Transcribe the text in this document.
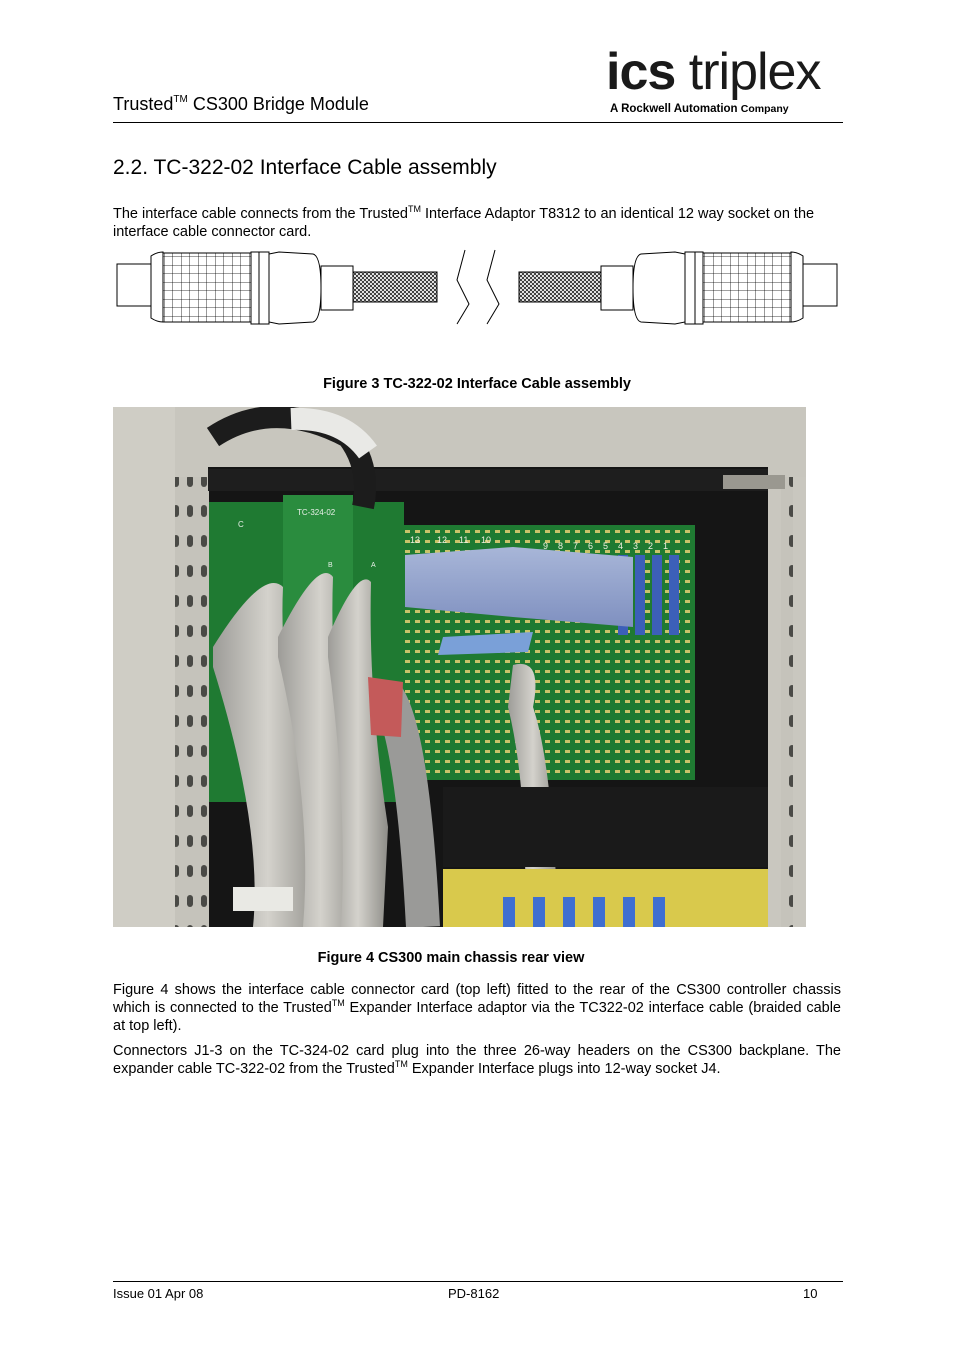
Trusted™ CS300 Bridge Module
ics triplex
A Rockwell Automation Company
2.2. TC-322-02 Interface Cable assembly
The interface cable connects from the Trusted™ Interface Adaptor T8312 to an identical 12 way socket on the interface cable connector card.
Figure 3 TC-322-02 Interface Cable assembly
TC-324-02
C
B	A
13 12 11 10
9 8 7 6 5 4 3 2 1
Figure 4 CS300 main chassis rear view
Figure 4 shows the interface cable connector card (top left) fitted to the rear of the CS300 controller chassis which is connected to the Trusted™ Expander Interface adaptor via the TC322-02 interface cable (braided cable at top left).
Connectors J1-3 on the TC-324-02 card plug into the three 26-way headers on the CS300 backplane. The expander cable TC-322-02 from the Trusted™ Expander Interface plugs into 12-way socket J4.
Issue 01 Apr 08	PD-8162	10
